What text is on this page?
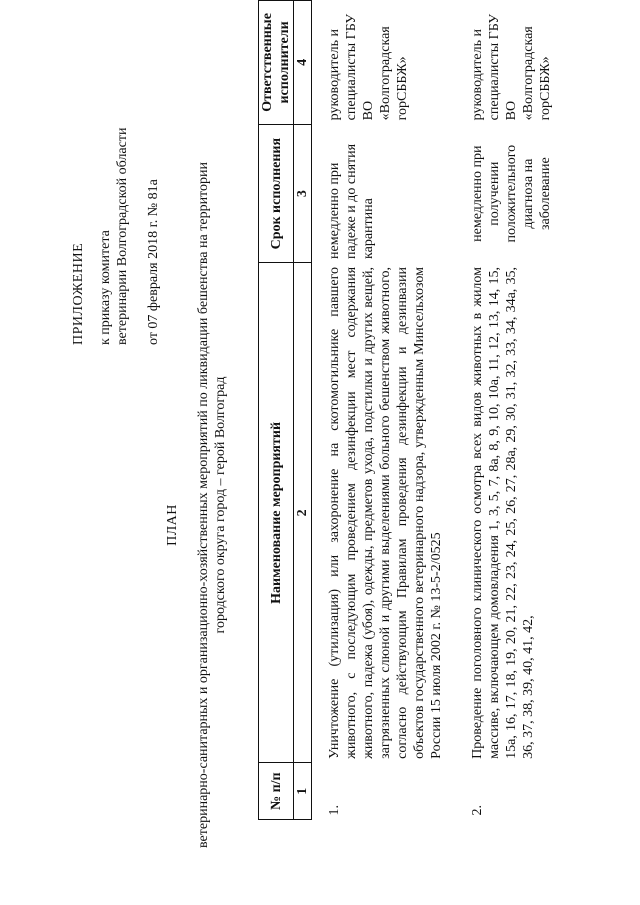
ПРИЛОЖЕНИЕ к приказу комитета ветеринарии Волгоградской области от 07 февраля 2018 г. № 81а
ПЛАН ветеринарно-санитарных и организационно-хозяйственных мероприятий по ликвидации бешенства на территории городского округа город – герой Волгоград
№ п/п	Наименование мероприятий	Срок исполнения	Ответственные исполнители
1	2	3	4
1.	Уничтожение (утилизация) или захоронение на скотомогильнике павшего животного, с последующим проведением дезинфекции мест содержания животного, падежа (убоя), одежды, предметов ухода, подстилки и других вещей, загрязненных слюной и другими выделениями больного бешенством животного, согласно действующим Правилам проведения дезинфекции и дезинвазии объектов государственного ветеринарного надзора, утвержденным Минсельхозом России 15 июля 2002 г. № 13-5-2/0525	немедленно при падеже и до снятия карантина	руководитель и специалисты ГБУ ВО «Волгоградская горСББЖ»

2.	Проведение поголовного клинического осмотра всех видов животных в жилом массиве, включающем домовладения 1, 3, 5, 7, 8а, 8, 9, 10, 10а, 11, 12, 13, 14, 15, 15а, 16, 17, 18, 19, 20, 21, 22, 23, 24, 25, 26, 27, 28а, 29, 30, 31, 32, 33, 34, 34а, 35, 36, 37, 38, 39, 40, 41, 42,	немедленно при получении положительного диагноза на заболевание	руководитель и специалисты ГБУ ВО «Волгоградская горСББЖ»
